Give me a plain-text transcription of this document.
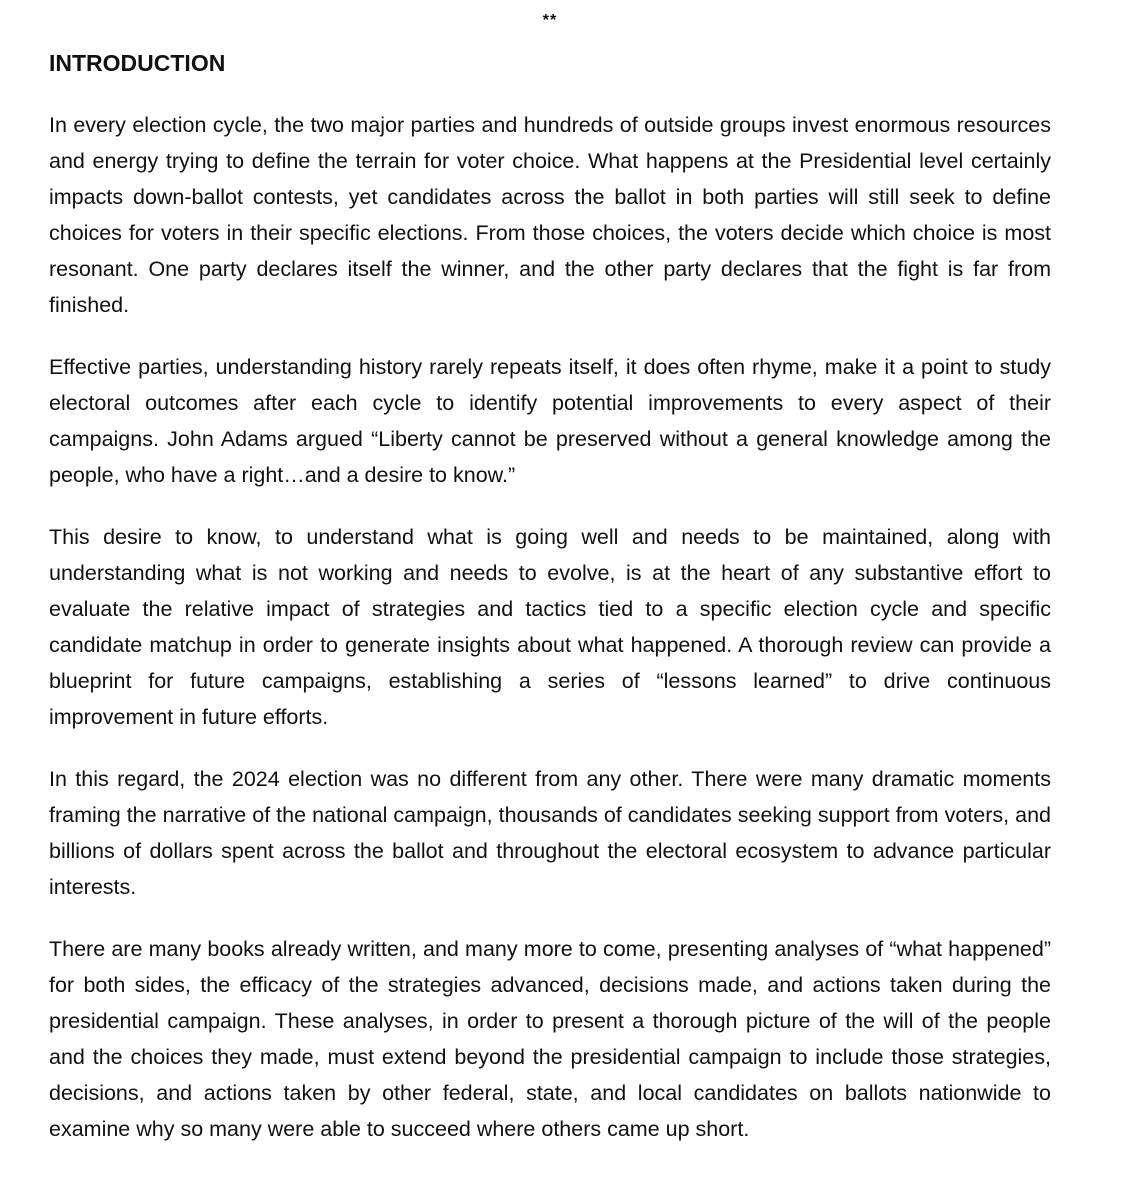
**
INTRODUCTION

In every election cycle, the two major parties and hundreds of outside groups invest enormous resources and energy trying to define the terrain for voter choice. What happens at the Presidential level certainly impacts down-ballot contests, yet candidates across the ballot in both parties will still seek to define choices for voters in their specific elections. From those choices, the voters decide which choice is most resonant. One party declares itself the winner, and the other party declares that the fight is far from finished.

Effective parties, understanding history rarely repeats itself, it does often rhyme, make it a point to study electoral outcomes after each cycle to identify potential improvements to every aspect of their campaigns. John Adams argued “Liberty cannot be preserved without a general knowledge among the people, who have a right…and a desire to know.”

This desire to know, to understand what is going well and needs to be maintained, along with understanding what is not working and needs to evolve, is at the heart of any substantive effort to evaluate the relative impact of strategies and tactics tied to a specific election cycle and specific candidate matchup in order to generate insights about what happened. A thorough review can provide a blueprint for future campaigns, establishing a series of “lessons learned” to drive continuous improvement in future efforts.

In this regard, the 2024 election was no different from any other. There were many dramatic moments framing the narrative of the national campaign, thousands of candidates seeking support from voters, and billions of dollars spent across the ballot and throughout the electoral ecosystem to advance particular interests.

There are many books already written, and many more to come, presenting analyses of “what happened” for both sides, the efficacy of the strategies advanced, decisions made, and actions taken during the presidential campaign. These analyses, in order to present a thorough picture of the will of the people and the choices they made, must extend beyond the presidential campaign to include those strategies, decisions, and actions taken by other federal, state, and local candidates on ballots nationwide to examine why so many were able to succeed where others came up short.
